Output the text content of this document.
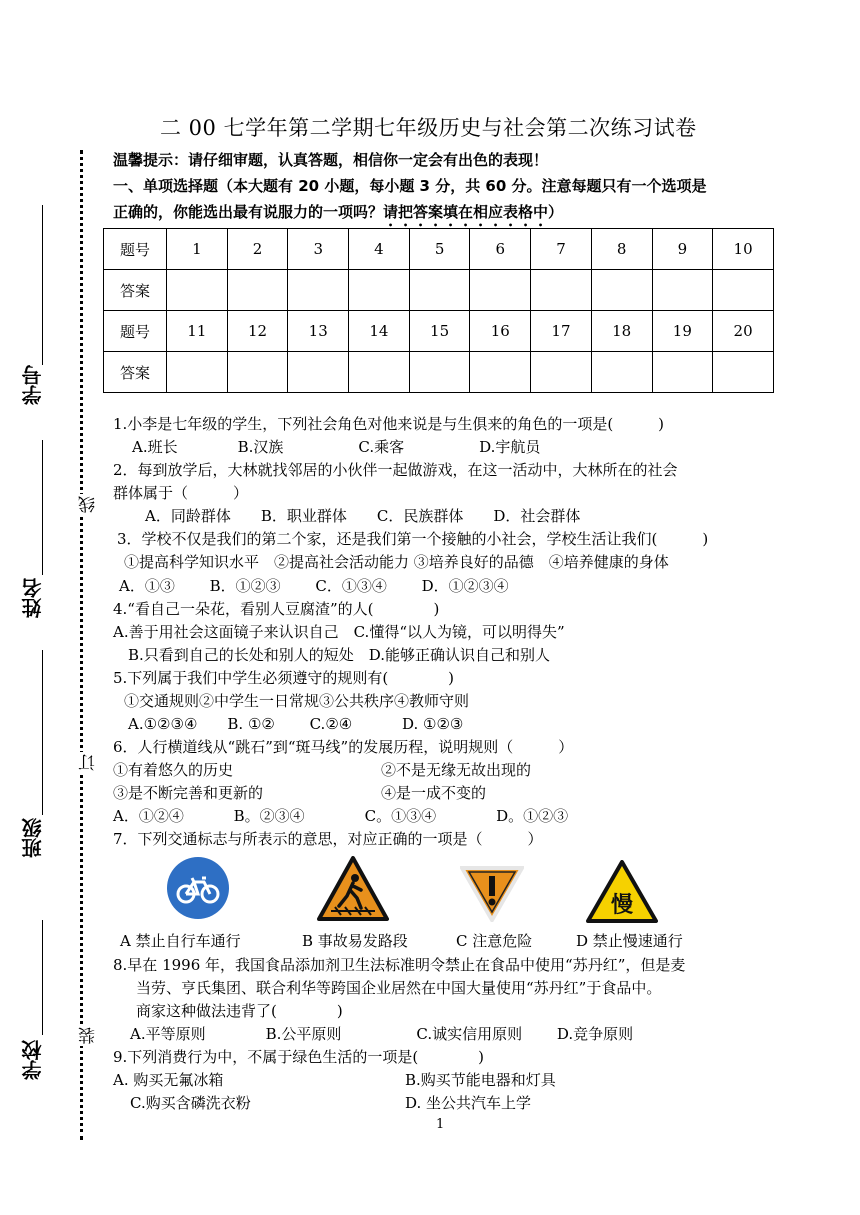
学号
姓名
班级
学校
线
订
装
二 00 七学年第二学期七年级历史与社会第二次练习试卷
温馨提示：请仔细审题，认真答题，相信你一定会有出色的表现！
一、单项选择题（本大题有 20 小题，每小题 3 分，共 60 分。注意每题只有一个选项是
正确的，你能选出最有说服力的一项吗？请把答案填在相应表格中）
题号	1	2	3	4	5	6	7	8	9	10
答案										
题号	11	12	13	14	15	16	17	18	19	20
答案										
1.小李是七年级的学生，下列社会角色对他来说是与生俱来的角色的一项是(　　　)
A.班长　　　　B.汉族　　　　　C.乘客　　　　　D.宇航员
2．每到放学后，大林就找邻居的小伙伴一起做游戏，在这一活动中，大林所在的社会
群体属于（　　　）
A．同龄群体　　B．职业群体　　C．民族群体　　D．社会群体
3．学校不仅是我们的第二个家，还是我们第一个接触的小社会，学校生活让我们(　　　)
①提高科学知识水平　②提高社会活动能力 ③培养良好的品德　④培养健康的身体
A．①③　　 B．①②③　　 C．①③④　　 D．①②③④
4.“看自己一朵花，看别人豆腐渣”的人(　　　　)
A.善于用社会这面镜子来认识自己　C.懂得“以人为镜，可以明得失”
B.只看到自己的长处和别人的短处　D.能够正确认识自己和别人
5.下列属于我们中学生必须遵守的规则有(　　　　)
①交通规则②中学生一日常规③公共秩序④教师守则
A.①②③④　　B. ①②　　 C.②④　　　 D. ①②③
6．人行横道线从“跳石”到“斑马线”的发展历程，说明规则（　　　）
①有着悠久的历史	②不是无缘无故出现的
③是不断完善和更新的	④是一成不变的
A．①②④　　　 B。②③④　　　　C。①③④　　　　D。①②③
7．下列交通标志与所表示的意思，对应正确的一项是（　　　）
慢
A 禁止自行车通行	B 事故易发路段	C 注意危险	D 禁止慢速通行
8.早在 1996 年，我国食品添加剂卫生法标准明令禁止在食品中使用“苏丹红”，但是麦
当劳、亨氏集团、联合利华等跨国企业居然在中国大量使用“苏丹红”于食品中。
商家这种做法违背了(　　　　)
A.平等原则　　　　B.公平原则　　　　　C.诚实信用原则　　 D.竞争原则
9.下列消费行为中，不属于绿色生活的一项是(　　　　)
A. 购买无氟冰箱	B.购买节能电器和灯具
C.购买含磷洗衣粉	D. 坐公共汽车上学
1
